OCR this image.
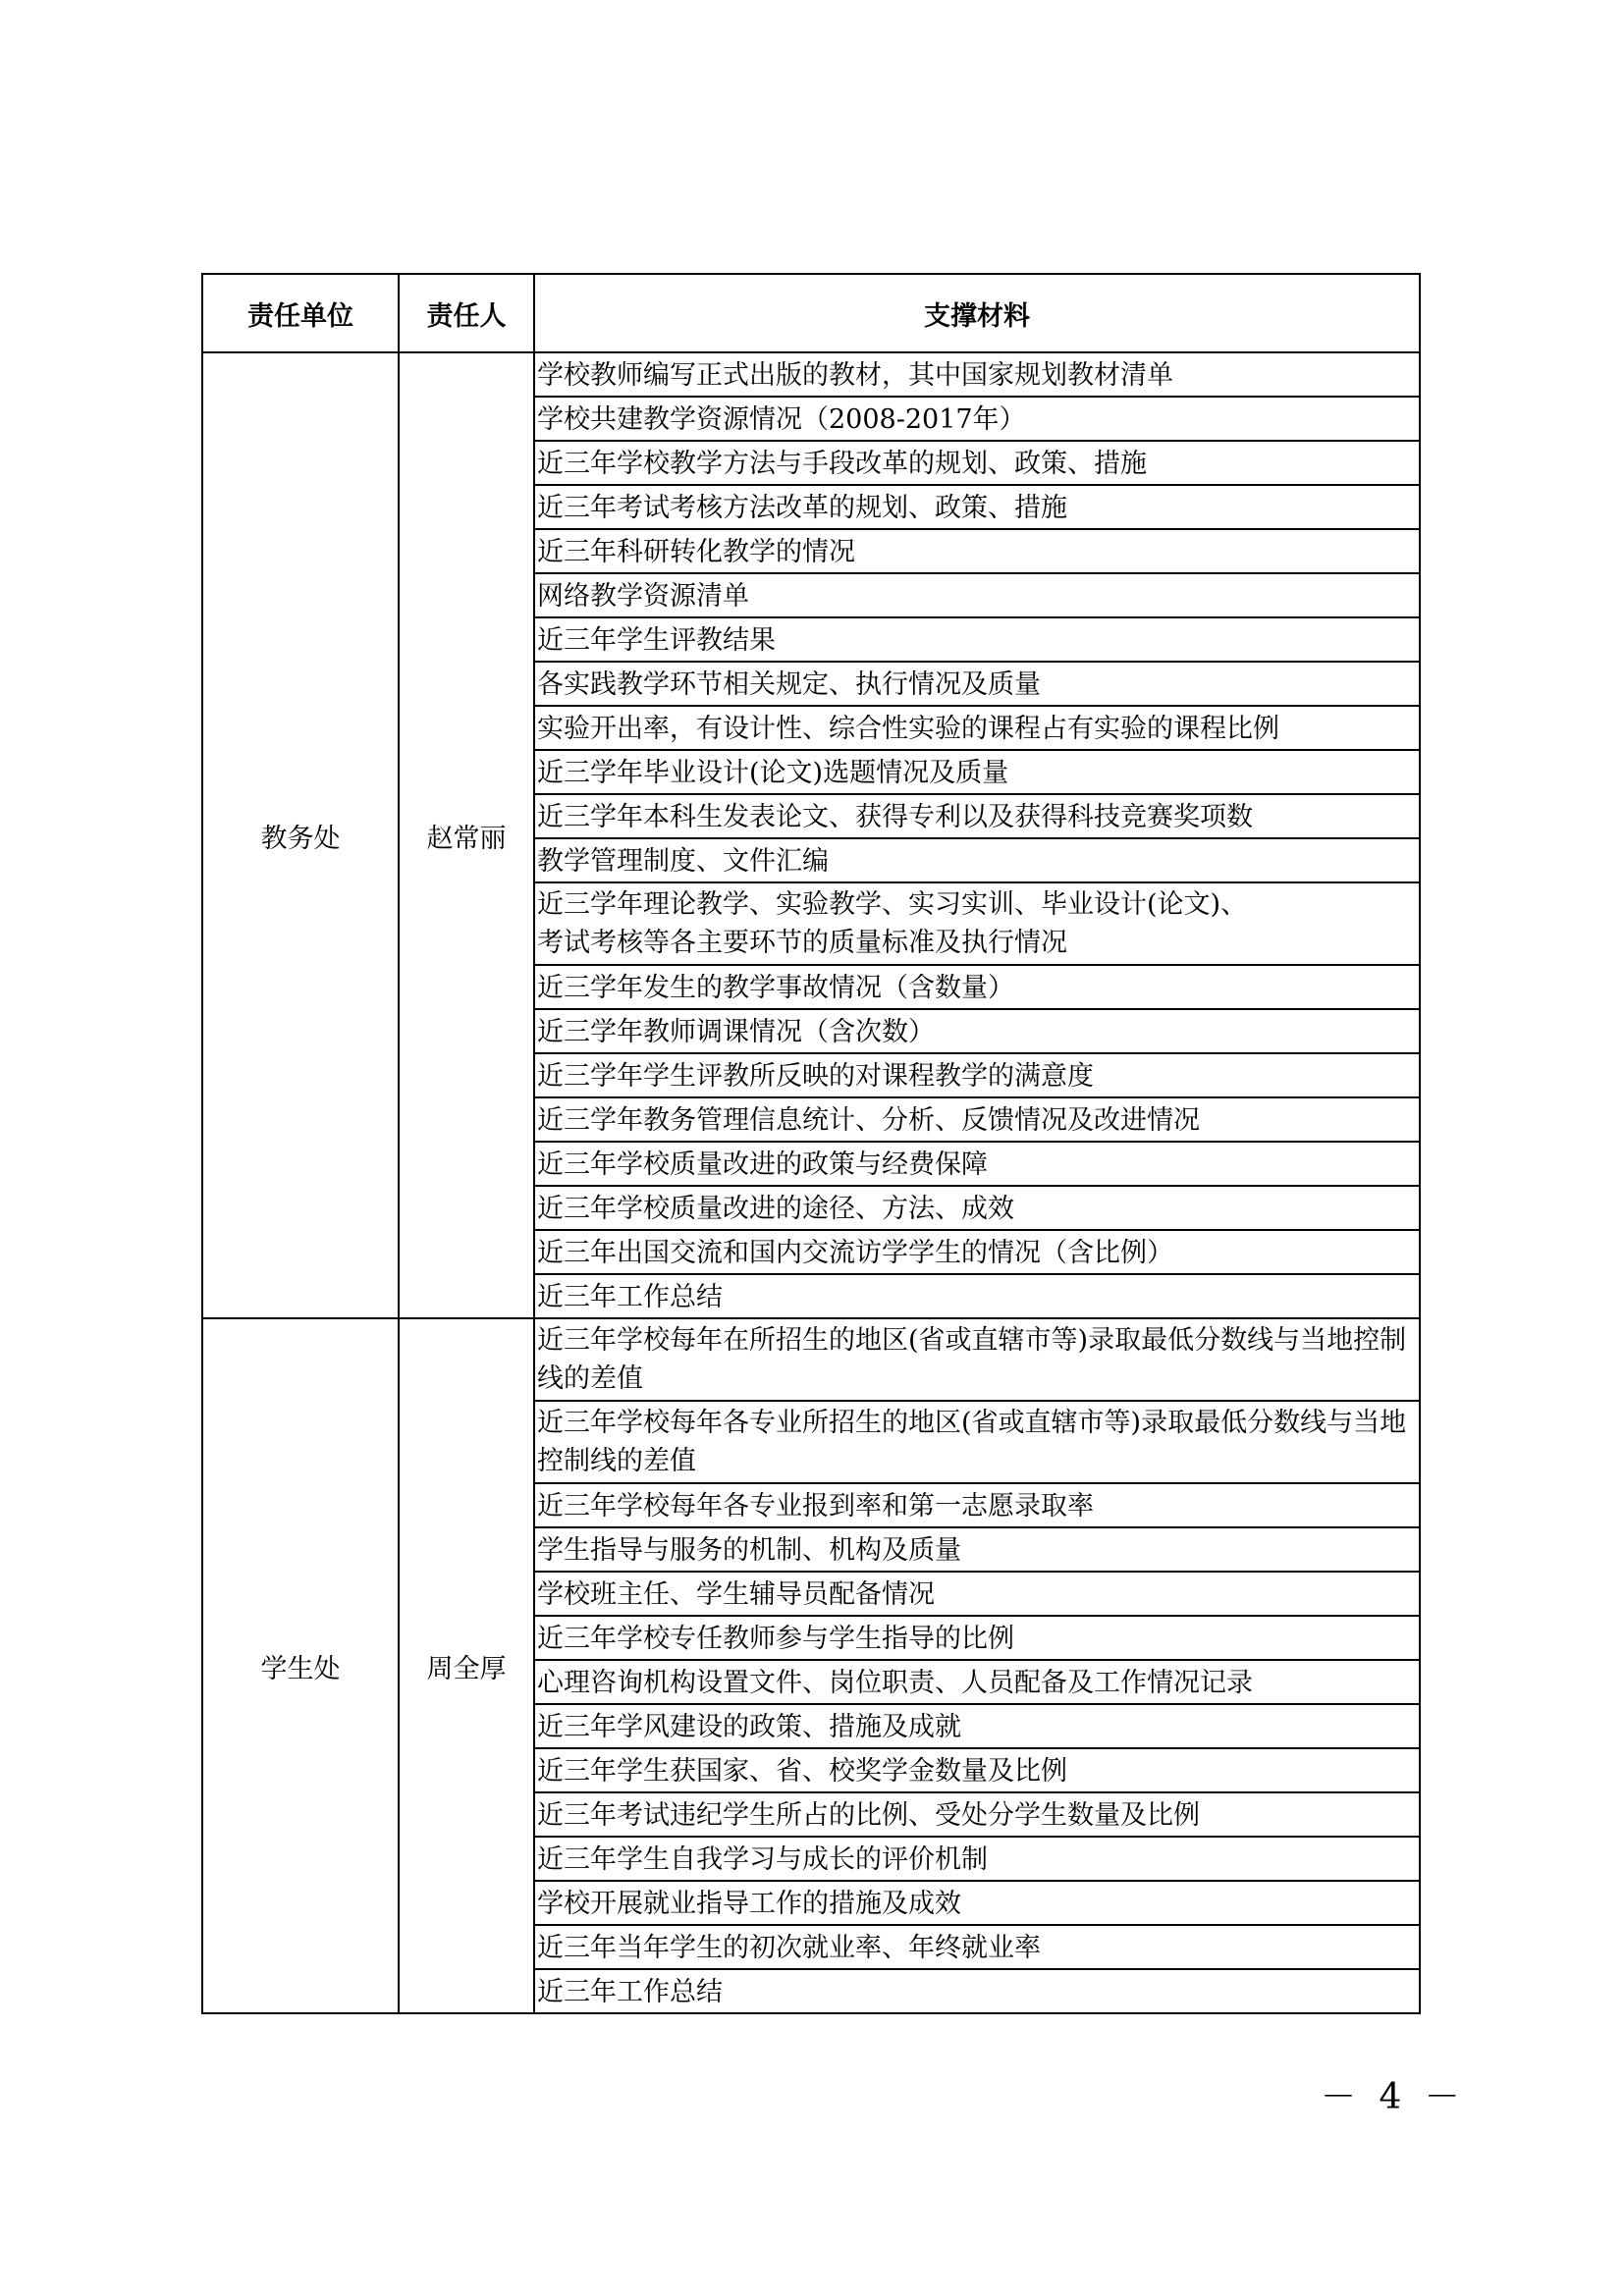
责任单位	责任人	支撑材料
教务处	赵常丽	学校教师编写正式出版的教材，其中国家规划教材清单
		学校共建教学资源情况（2008-2017年）
		近三年学校教学方法与手段改革的规划、政策、措施
		近三年考试考核方法改革的规划、政策、措施
		近三年科研转化教学的情况
		网络教学资源清单
		近三年学生评教结果
		各实践教学环节相关规定、执行情况及质量
		实验开出率，有设计性、综合性实验的课程占有实验的课程比例
		近三学年毕业设计(论文)选题情况及质量
		近三学年本科生发表论文、获得专利以及获得科技竞赛奖项数
		教学管理制度、文件汇编
		近三学年理论教学、实验教学、实习实训、毕业设计(论文)、
考试考核等各主要环节的质量标准及执行情况
		近三学年发生的教学事故情况（含数量）
		近三学年教师调课情况（含次数）
		近三学年学生评教所反映的对课程教学的满意度
		近三学年教务管理信息统计、分析、反馈情况及改进情况
		近三年学校质量改进的政策与经费保障
		近三年学校质量改进的途径、方法、成效
		近三年出国交流和国内交流访学学生的情况（含比例）
		近三年工作总结
学生处	周全厚	近三年学校每年在所招生的地区(省或直辖市等)录取最低分数线与当地控制线的差值
		近三年学校每年各专业所招生的地区(省或直辖市等)录取最低分数线与当地控制线的差值
		近三年学校每年各专业报到率和第一志愿录取率
		学生指导与服务的机制、机构及质量
		学校班主任、学生辅导员配备情况
		近三年学校专任教师参与学生指导的比例
		心理咨询机构设置文件、岗位职责、人员配备及工作情况记录
		近三年学风建设的政策、措施及成就
		近三年学生获国家、省、校奖学金数量及比例
		近三年考试违纪学生所占的比例、受处分学生数量及比例
		近三年学生自我学习与成长的评价机制
		学校开展就业指导工作的措施及成效
		近三年当年学生的初次就业率、年终就业率
		近三年工作总结
－ 4 －
